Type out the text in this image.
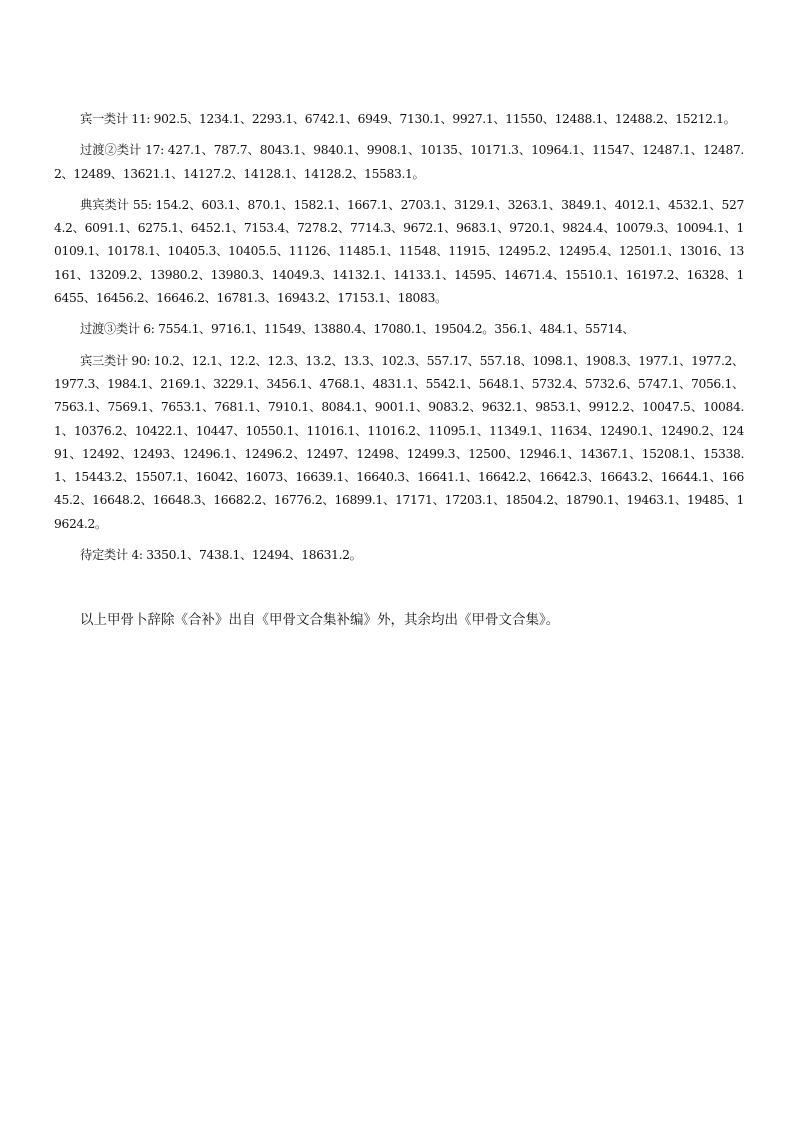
宾一类计 11: 902.5、1234.1、2293.1、6742.1、6949、7130.1、9927.1、11550、12488.1、12488.2、15212.1。

过渡②类计 17: 427.1、787.7、8043.1、9840.1、9908.1、10135、10171.3、10964.1、11547、12487.1、12487.2、12489、13621.1、14127.2、14128.1、14128.2、15583.1。

典宾类计 55: 154.2、603.1、870.1、1582.1、1667.1、2703.1、3129.1、3263.1、3849.1、4012.1、4532.1、5274.2、6091.1、6275.1、6452.1、7153.4、7278.2、7714.3、9672.1、9683.1、9720.1、9824.4、10079.3、10094.1、10109.1、10178.1、10405.3、10405.5、11126、11485.1、11548、11915、12495.2、12495.4、12501.1、13016、13161、13209.2、13980.2、13980.3、14049.3、14132.1、14133.1、14595、14671.4、15510.1、16197.2、16328、16455、16456.2、16646.2、16781.3、16943.2、17153.1、18083。

过渡③类计 6: 7554.1、9716.1、11549、13880.4、17080.1、19504.2。356.1、484.1、55714、

宾三类计 90: 10.2、12.1、12.2、12.3、13.2、13.3、102.3、557.17、557.18、1098.1、1908.3、1977.1、1977.2、1977.3、1984.1、2169.1、3229.1、3456.1、4768.1、4831.1、5542.1、5648.1、5732.4、5732.6、5747.1、7056.1、7563.1、7569.1、7653.1、7681.1、7910.1、8084.1、9001.1、9083.2、9632.1、9853.1、9912.2、10047.5、10084.1、10376.2、10422.1、10447、10550.1、11016.1、11016.2、11095.1、11349.1、11634、12490.1、12490.2、12491、12492、12493、12496.1、12496.2、12497、12498、12499.3、12500、12946.1、14367.1、15208.1、15338.1、15443.2、15507.1、16042、16073、16639.1、16640.3、16641.1、16642.2、16642.3、16643.2、16644.1、16645.2、16648.2、16648.3、16682.2、16776.2、16899.1、17171、17203.1、18504.2、18790.1、19463.1、19485、19624.2。

待定类计 4: 3350.1、7438.1、12494、18631.2。

以上甲骨卜辞除《合补》出自《甲骨文合集补编》外，其余均出《甲骨文合集》。
